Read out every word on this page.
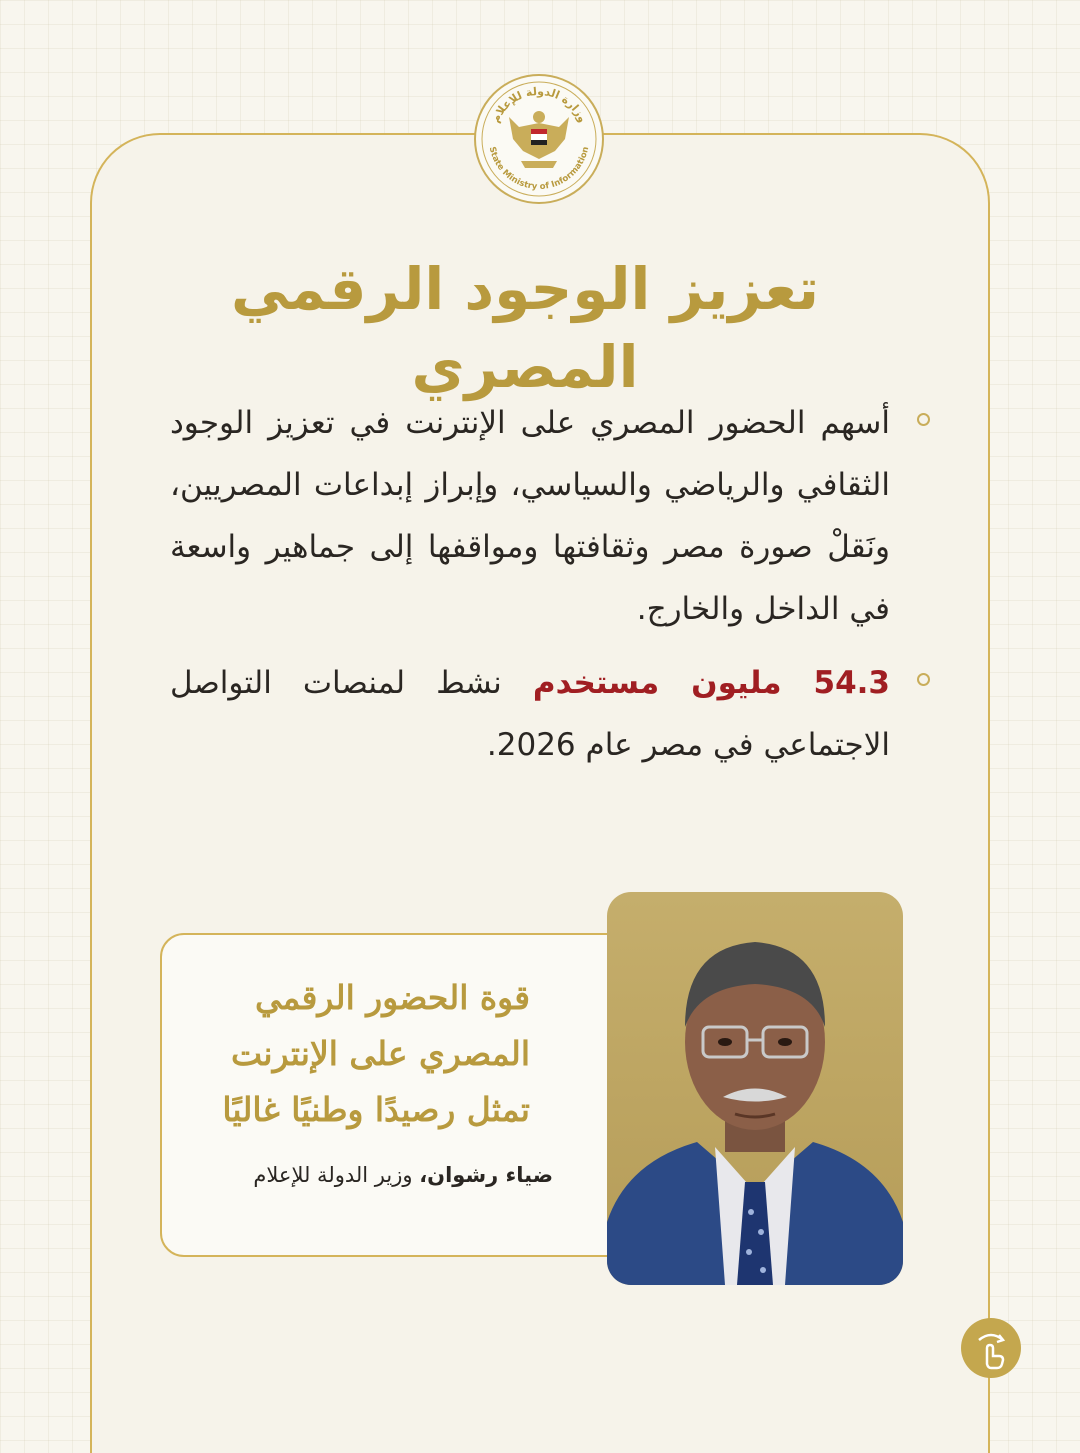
وزارة الدولة للإعلام
State Ministry of Information
تعزيز الوجود الرقمي المصري
أسهم الحضور المصري على الإنترنت في تعزيز الوجود الثقافي والرياضي والسياسي، وإبراز إبداعات المصريين، ونَقلْ صورة مصر وثقافتها ومواقفها إلى جماهير واسعة في الداخل والخارج.
54.3 مليون مستخدم نشط لمنصات التواصل الاجتماعي في مصر عام 2026.
قوة الحضور الرقمي المصري على الإنترنت تمثل رصيدًا وطنيًا غاليًا
ضياء رشوان، وزير الدولة للإعلام
